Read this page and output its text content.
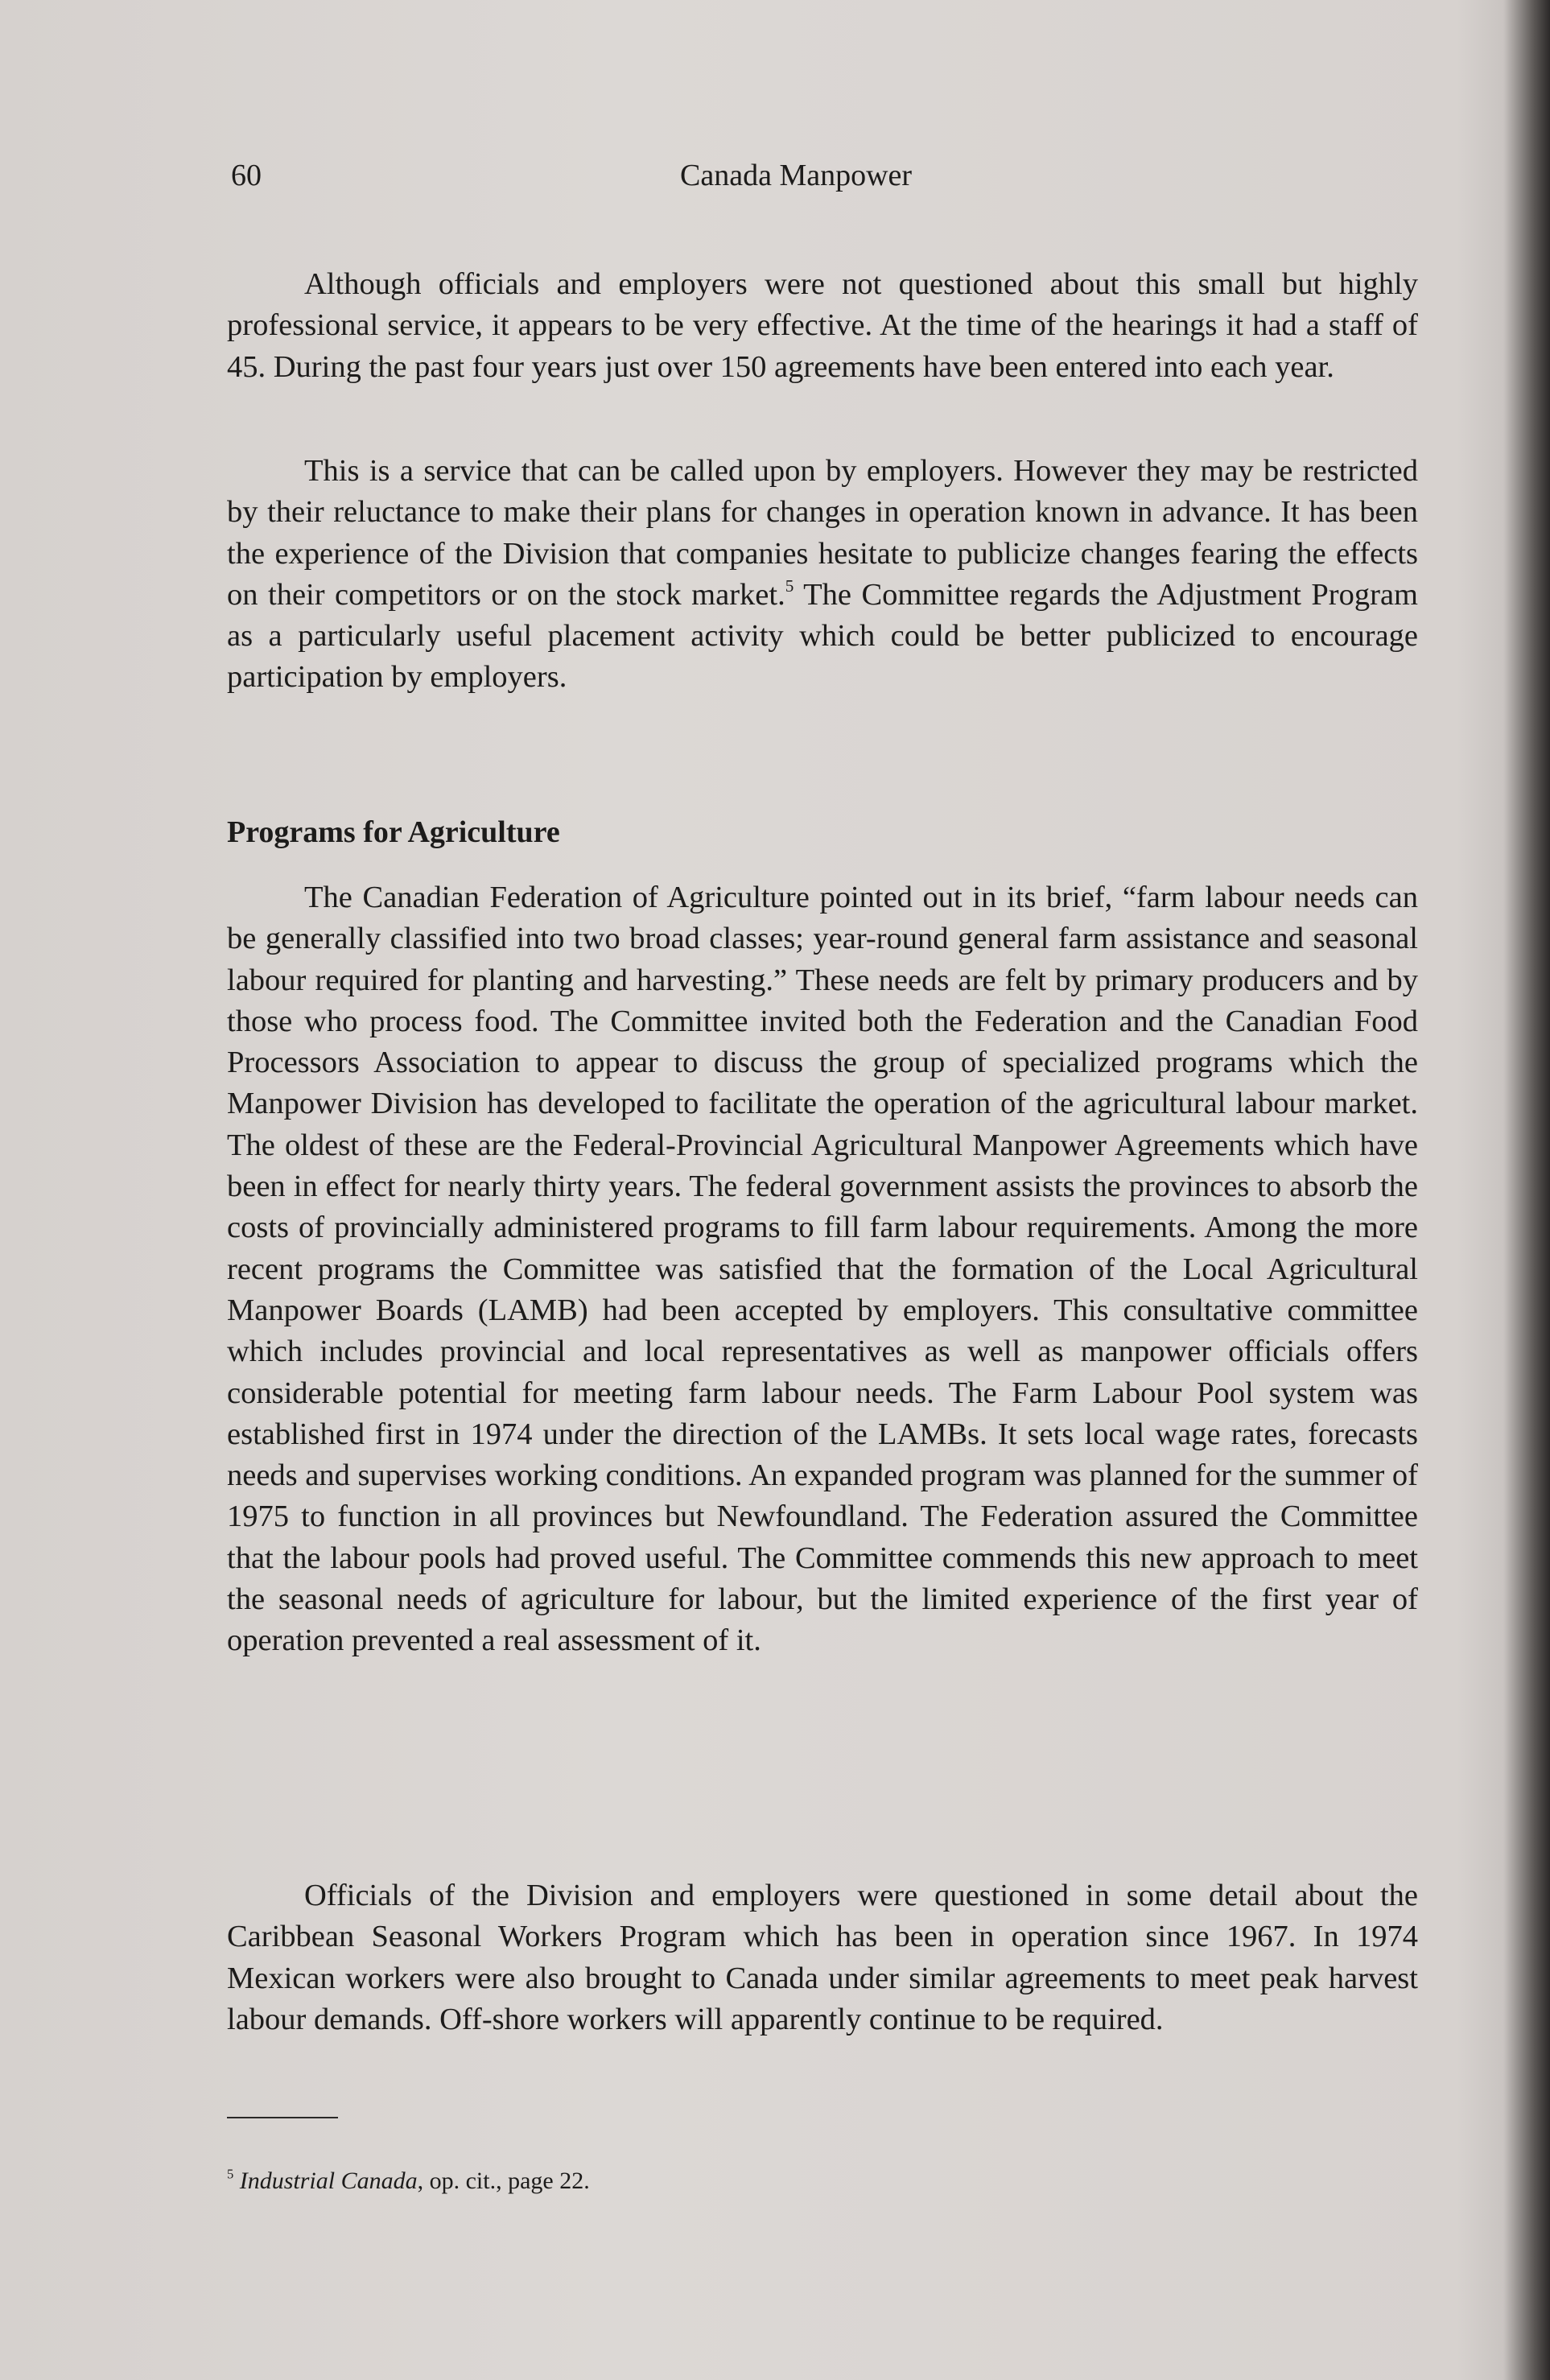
60	Canada Manpower

Although officials and employers were not questioned about this small but highly professional service, it appears to be very effective. At the time of the hearings it had a staff of 45. During the past four years just over 150 agreements have been entered into each year.

This is a service that can be called upon by employers. However they may be restricted by their reluctance to make their plans for changes in operation known in advance. It has been the experience of the Division that companies hesitate to publicize changes fearing the effects on their competitors or on the stock market.$^5$ The Committee regards the Adjustment Program as a particularly useful placement activity which could be better publicized to encourage participation by employers.

Programs for Agriculture

The Canadian Federation of Agriculture pointed out in its brief, “farm labour needs can be generally classified into two broad classes; year-round general farm assistance and seasonal labour required for planting and harvesting.” These needs are felt by primary producers and by those who process food. The Committee invited both the Federation and the Canadian Food Processors Association to appear to discuss the group of specialized programs which the Manpower Division has developed to facilitate the operation of the agricultural labour market. The oldest of these are the Federal-Provincial Agricultural Manpower Agreements which have been in effect for nearly thirty years. The federal government assists the provinces to absorb the costs of provincially administered programs to fill farm labour requirements. Among the more recent programs the Committee was satisfied that the formation of the Local Agricultural Manpower Boards (LAMB) had been accepted by employers. This consultative committee which includes provincial and local representatives as well as manpower officials offers considerable potential for meeting farm labour needs. The Farm Labour Pool system was established first in 1974 under the direction of the LAMBs. It sets local wage rates, forecasts needs and supervises working conditions. An expanded program was planned for the summer of 1975 to function in all provinces but Newfoundland. The Federation assured the Committee that the labour pools had proved useful. The Committee commends this new approach to meet the seasonal needs of agriculture for labour, but the limited experience of the first year of operation prevented a real assessment of it.

Officials of the Division and employers were questioned in some detail about the Caribbean Seasonal Workers Program which has been in operation since 1967. In 1974 Mexican workers were also brought to Canada under similar agreements to meet peak harvest labour demands. Off-shore workers will apparently continue to be required.

$^5$ Industrial Canada, op. cit., page 22.
